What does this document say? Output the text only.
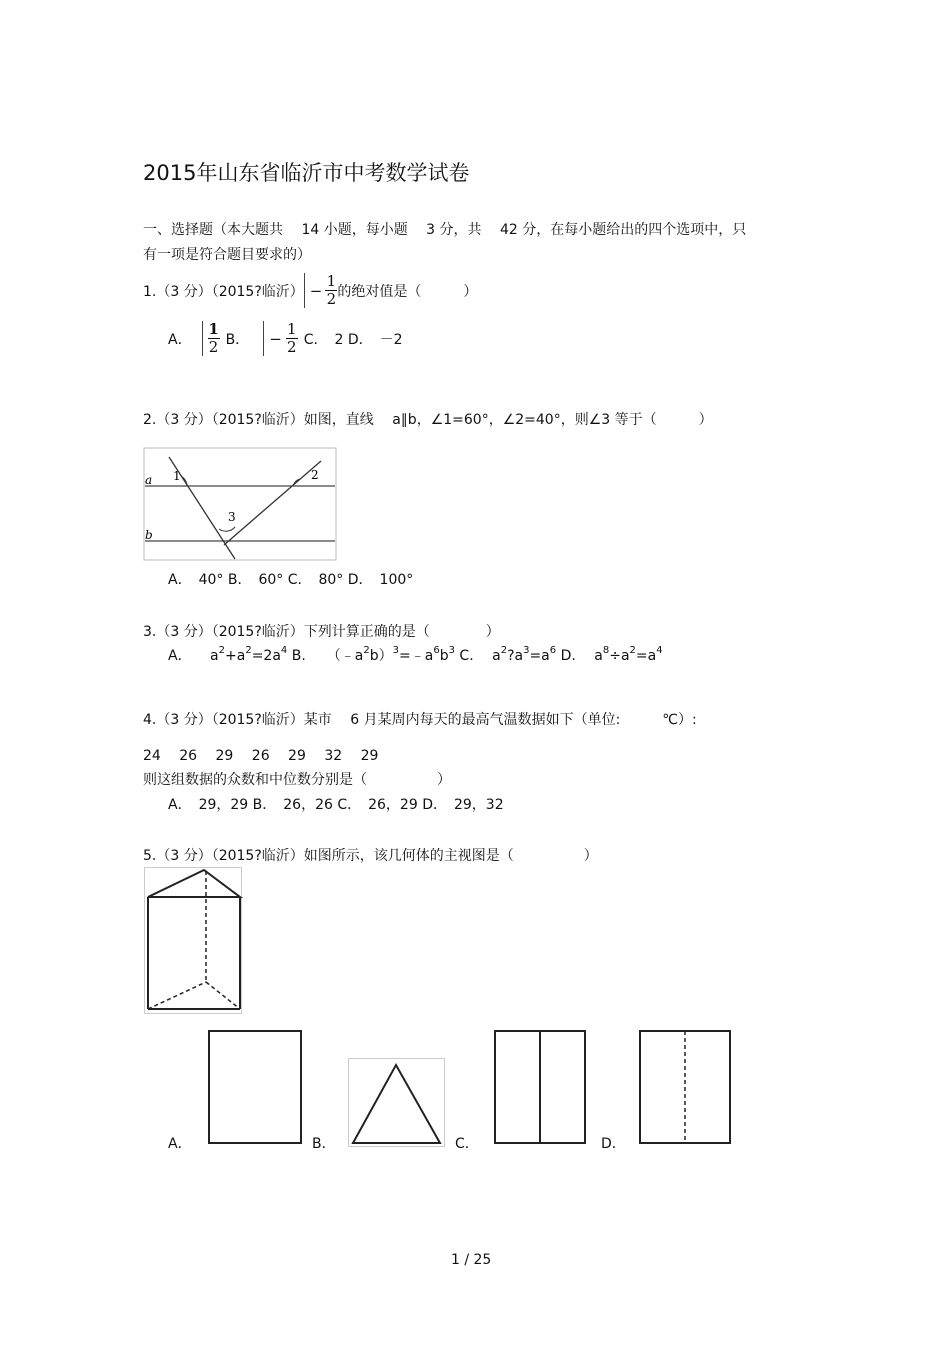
2015年山东省临沂市中考数学试卷
一、选择题（本大题共　 14 小题，每小题　 3 分，共　 42 分，在每小题给出的四个选项中，只
有一项是符合题目要求的）
1.（3 分）（2015?临沂） − $\frac{1}{2}$ 的绝对值是（　　　）
A． $\frac{1}{2}$ B． − $\frac{1}{2}$ C．　2 D．　－2
2.（3 分）（2015?临沂）如图，直线　 a∥b，∠1=60°，∠2=40°，则∠3 等于（　　　）
a
b
1	2
3
A．　40° B．　60° C．　80° D．　100°
3.（3 分）（2015?临沂）下列计算正确的是（　　　　）
A． $a^2+a^2=2a^4$ B.　　$(﹣a^2b)^3=﹣a^6b^3$ C.　 $a^2?a^3=a^6$ D.　 $a^8\div a^2=a^4$
4.（3 分）（2015?临沂）某市　 6 月某周内每天的最高气温数据如下（单位:　　　℃）:
24　 26　 29　 26　 29　 32　 29
则这组数据的众数和中位数分别是（　　　　　）
A．　29，29 B．　26，26 C．　26，29 D．　29，32
5.（3 分）（2015?临沂）如图所示，该几何体的主视图是（　　　　　）
A．	B．	C．	D．
1 / 25
